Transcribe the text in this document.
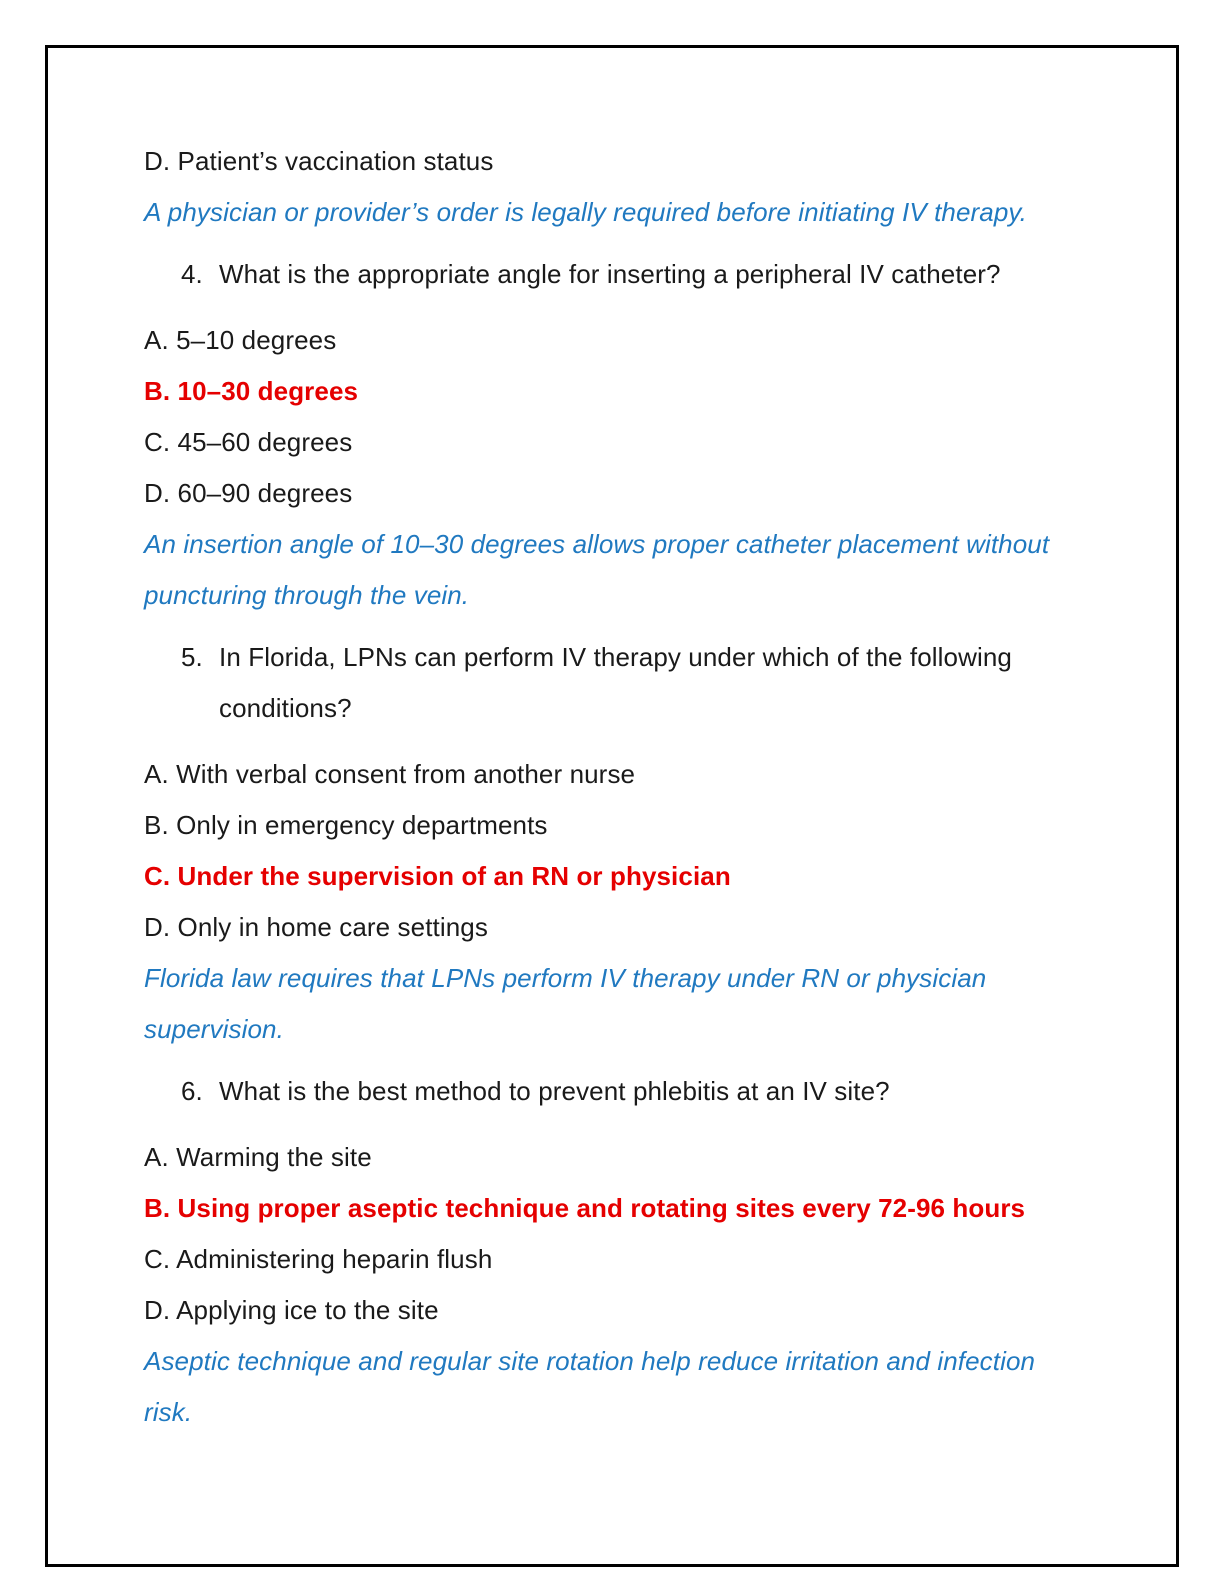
D. Patient’s vaccination status
A physician or provider’s order is legally required before initiating IV therapy.
4. What is the appropriate angle for inserting a peripheral IV catheter?
A. 5–10 degrees
B. 10–30 degrees
C. 45–60 degrees
D. 60–90 degrees
An insertion angle of 10–30 degrees allows proper catheter placement without puncturing through the vein.
5. In Florida, LPNs can perform IV therapy under which of the following conditions?
A. With verbal consent from another nurse
B. Only in emergency departments
C. Under the supervision of an RN or physician
D. Only in home care settings
Florida law requires that LPNs perform IV therapy under RN or physician supervision.
6. What is the best method to prevent phlebitis at an IV site?
A. Warming the site
B. Using proper aseptic technique and rotating sites every 72-96 hours
C. Administering heparin flush
D. Applying ice to the site
Aseptic technique and regular site rotation help reduce irritation and infection risk.
